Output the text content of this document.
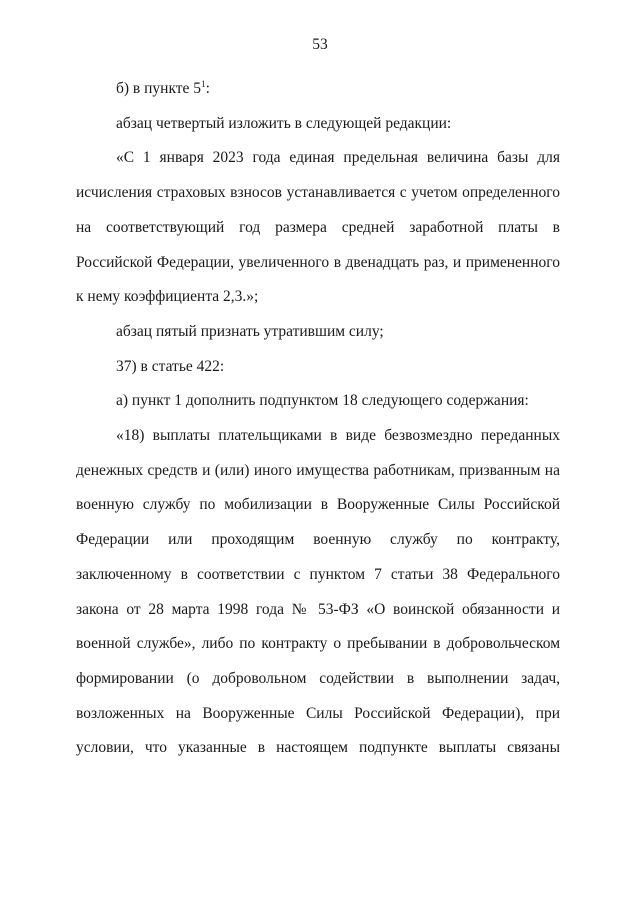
53

б) в пункте $5^1$:

абзац четвертый изложить в следующей редакции:

«С 1 января 2023 года единая предельная величина базы для исчисления страховых взносов устанавливается с учетом определенного на соответствующий год размера средней заработной платы в Российской Федерации, увеличенного в двенадцать раз, и примененного к нему коэффициента 2,3.»;

абзац пятый признать утратившим силу;

37) в статье 422:

а) пункт 1 дополнить подпунктом 18 следующего содержания:

«18) выплаты плательщиками в виде безвозмездно переданных денежных средств и (или) иного имущества работникам, призванным на военную службу по мобилизации в Вооруженные Силы Российской Федерации или проходящим военную службу по контракту, заключенному в соответствии с пунктом 7 статьи 38 Федерального закона от 28 марта 1998 года № 53-ФЗ «О воинской обязанности и военной службе», либо по контракту о пребывании в добровольческом формировании (о добровольном содействии в выполнении задач, возложенных на Вооруженные Силы Российской Федерации), при условии, что указанные в настоящем подпункте выплаты связаны
